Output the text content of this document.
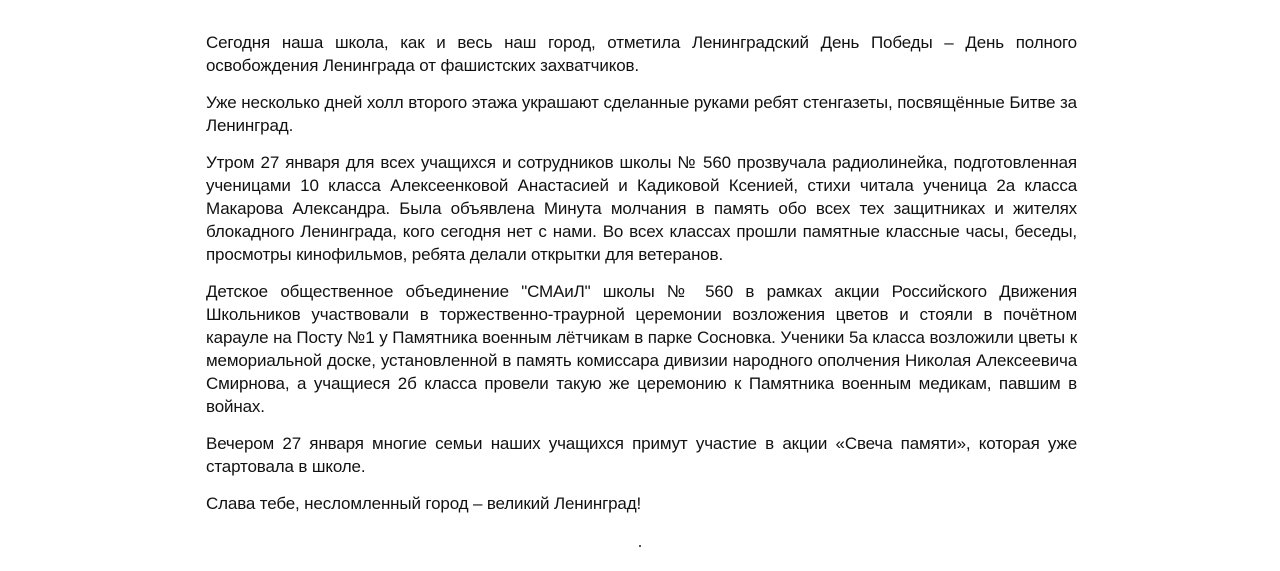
Сегодня наша школа, как и весь наш город, отметила Ленинградский День Победы – День полного освобождения Ленинграда от фашистских захватчиков.

Уже несколько дней холл второго этажа украшают сделанные руками ребят стенгазеты, посвящённые Битве за Ленинград.

Утром 27 января для всех учащихся и сотрудников школы № 560 прозвучала радиолинейка, подготовленная ученицами 10 класса Алексеенковой Анастасией и Кадиковой Ксенией, стихи читала ученица 2а класса Макарова Александра. Была объявлена Минута молчания в память обо всех тех защитниках и жителях блокадного Ленинграда, кого сегодня нет с нами. Во всех классах прошли памятные классные часы, беседы, просмотры кинофильмов, ребята делали открытки для ветеранов.

Детское общественное объединение "СМАиЛ" школы № 560 в рамках акции Российского Движения Школьников участвовали в торжественно-траурной церемонии возложения цветов и стояли в почётном карауле на Посту №1 у Памятника военным лётчикам в парке Сосновка. Ученики 5а класса возложили цветы к мемориальной доске, установленной в память комиссара дивизии народного ополчения Николая Алексеевича Смирнова, а учащиеся 2б класса провели такую же церемонию к Памятника военным медикам, павшим в войнах.

Вечером 27 января многие семьи наших учащихся примут участие в акции «Свеча памяти», которая уже стартовала в школе.

Слава тебе, несломленный город – великий Ленинград!
